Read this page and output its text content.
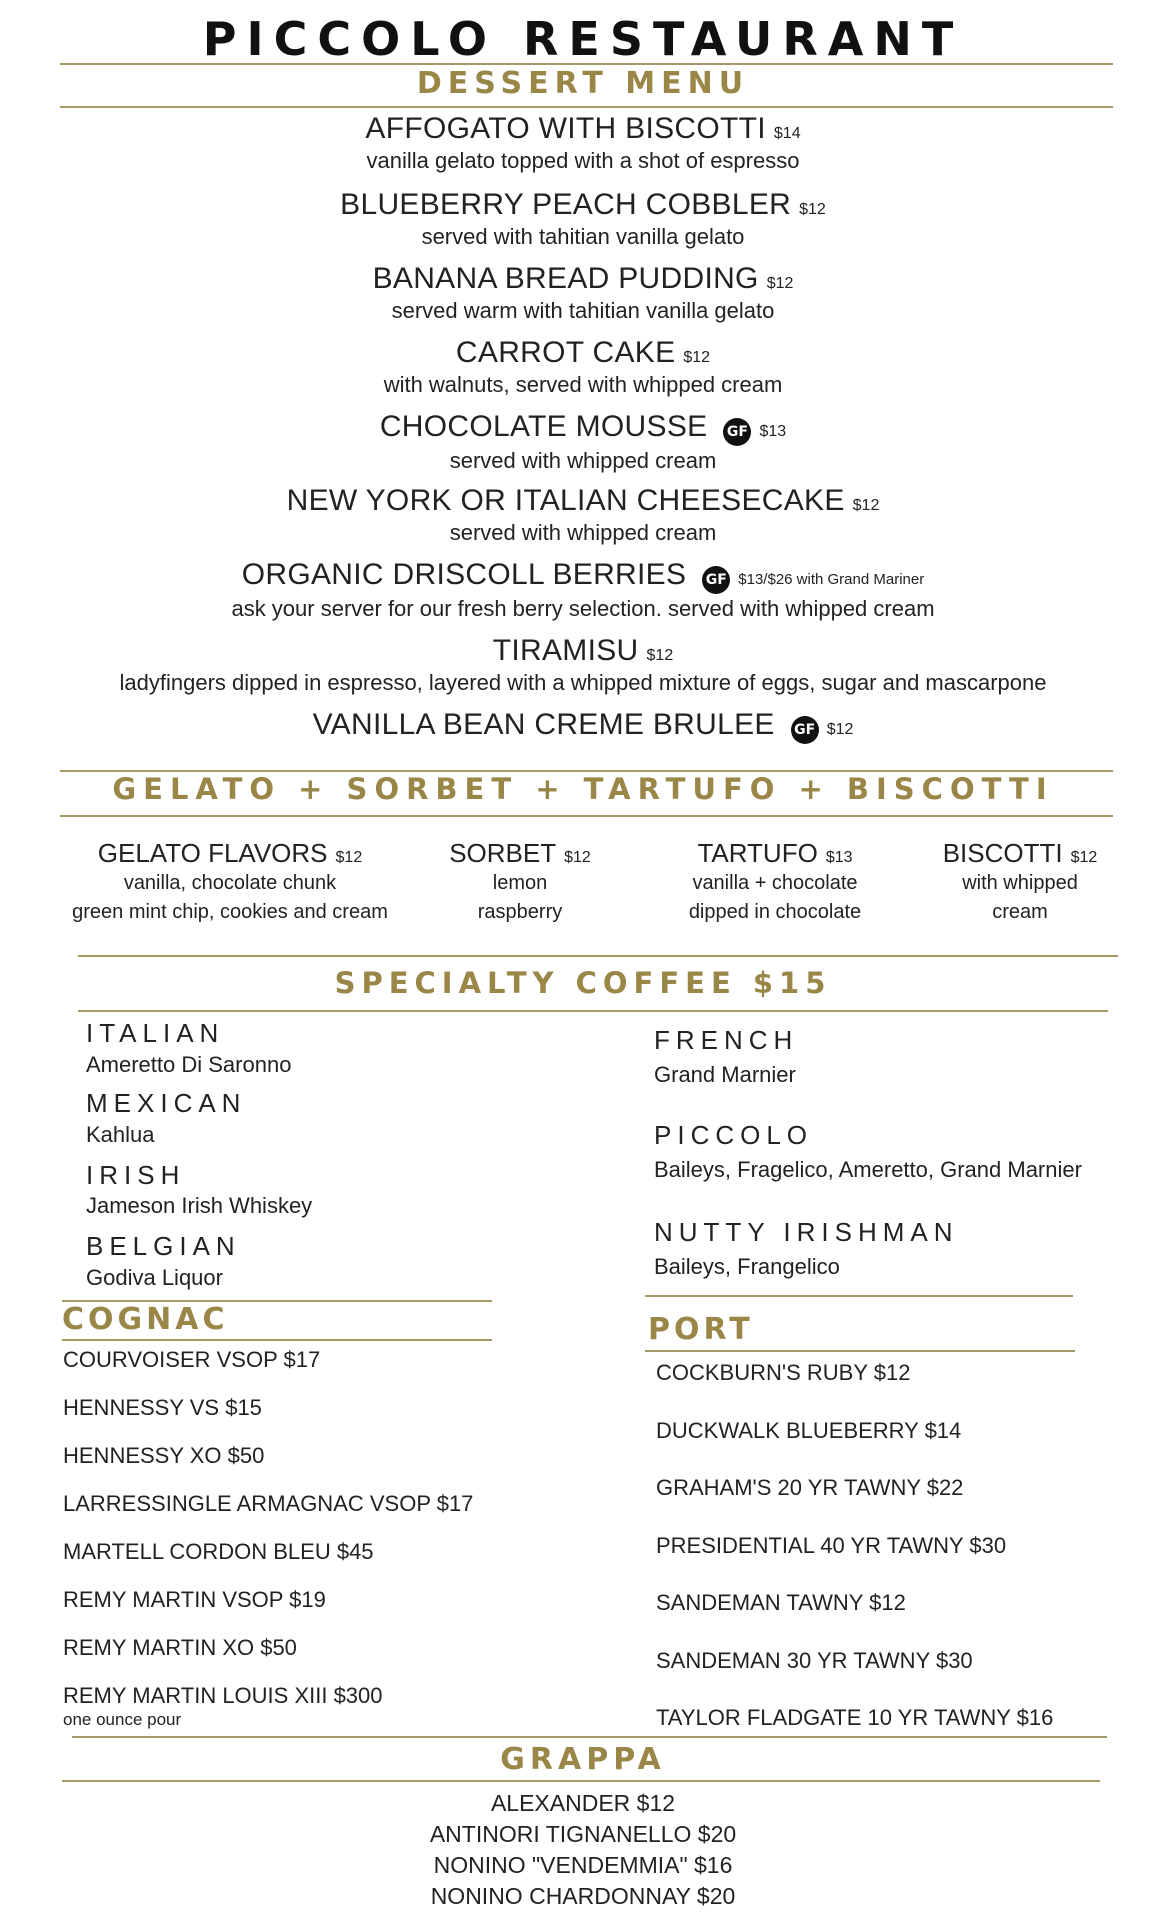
PICCOLO RESTAURANT
DESSERT MENU
AFFOGATO WITH BISCOTTI $14
vanilla gelato topped with a shot of espresso
BLUEBERRY PEACH COBBLER $12
served with tahitian vanilla gelato
BANANA BREAD PUDDING $12
served warm with tahitian vanilla gelato
CARROT CAKE $12
with walnuts, served with whipped cream
CHOCOLATE MOUSSE GF $13
served with whipped cream
NEW YORK OR ITALIAN CHEESECAKE $12
served with whipped cream
ORGANIC DRISCOLL BERRIES GF $13/$26 with Grand Mariner
ask your server for our fresh berry selection. served with whipped cream
TIRAMISU $12
ladyfingers dipped in espresso, layered with a whipped mixture of eggs, sugar and mascarpone
VANILLA BEAN CREME BRULEE GF $12
GELATO + SORBET + TARTUFO + BISCOTTI
GELATO FLAVORS $12
vanilla, chocolate chunk
green mint chip, cookies and cream
SORBET $12
lemon
raspberry
TARTUFO $13
vanilla + chocolate
dipped in chocolate
BISCOTTI $12
with whipped
cream
SPECIALTY COFFEE $15
ITALIAN
Ameretto Di Saronno
MEXICAN
Kahlua
IRISH
Jameson Irish Whiskey
BELGIAN
Godiva Liquor
FRENCH
Grand Marnier
PICCOLO
Baileys, Fragelico, Ameretto, Grand Marnier
NUTTY IRISHMAN
Baileys, Frangelico
COGNAC
COURVOISER VSOP $17
HENNESSY VS $15
HENNESSY XO $50
LARRESSINGLE ARMAGNAC VSOP $17
MARTELL CORDON BLEU $45
REMY MARTIN VSOP $19
REMY MARTIN XO $50
REMY MARTIN LOUIS XIII $300
one ounce pour
PORT
COCKBURN'S RUBY $12
DUCKWALK BLUEBERRY $14
GRAHAM'S 20 YR TAWNY $22
PRESIDENTIAL 40 YR TAWNY $30
SANDEMAN TAWNY $12
SANDEMAN 30 YR TAWNY $30
TAYLOR FLADGATE 10 YR TAWNY $16
GRAPPA
ALEXANDER $12
ANTINORI TIGNANELLO $20
NONINO "VENDEMMIA" $16
NONINO CHARDONNAY $20
